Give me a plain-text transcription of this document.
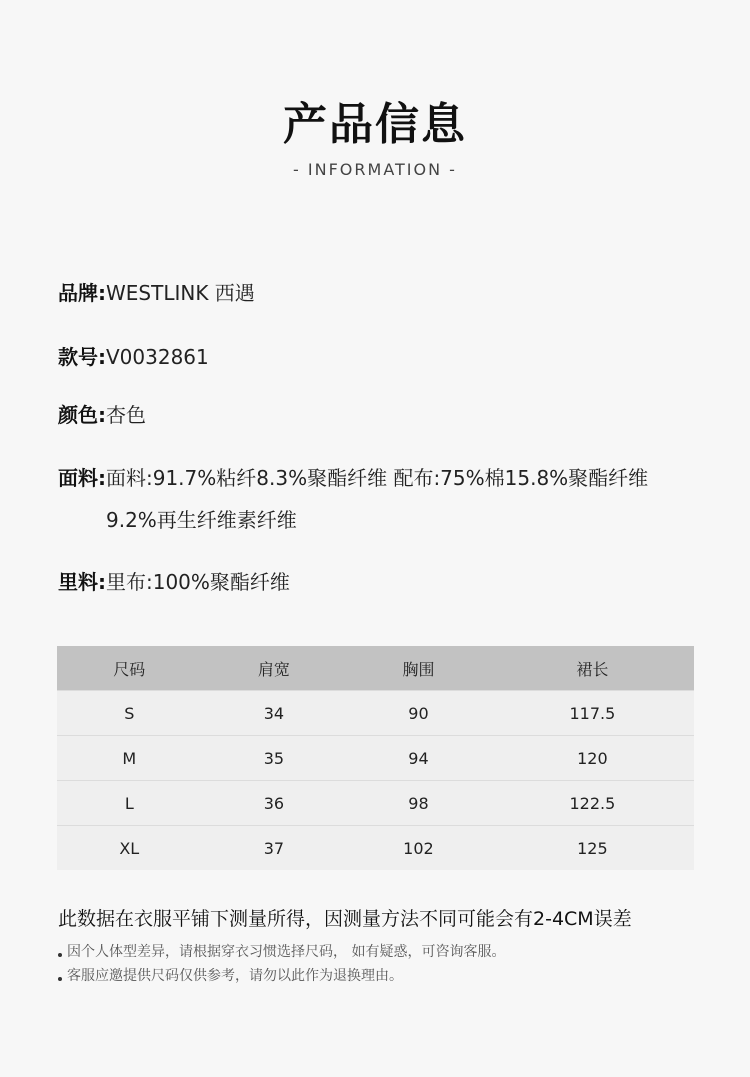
产品信息
- INFORMATION -
品牌: WESTLINK 西遇
款号: V0032861
颜色: 杏色
面料: 面料:91.7%粘纤8.3%聚酯纤维 配布:75%棉15.8%聚酯纤维9.2%再生纤维素纤维
里料: 里布:100%聚酯纤维
尺码	肩宽	胸围	裙长
S	34	90	117.5
M	35	94	120
L	36	98	122.5
XL	37	102	125
此数据在衣服平铺下测量所得，因测量方法不同可能会有2-4CM误差
因个人体型差异，请根据穿衣习惯选择尺码， 如有疑惑，可咨询客服。
客服应邀提供尺码仅供参考，请勿以此作为退换理由。
